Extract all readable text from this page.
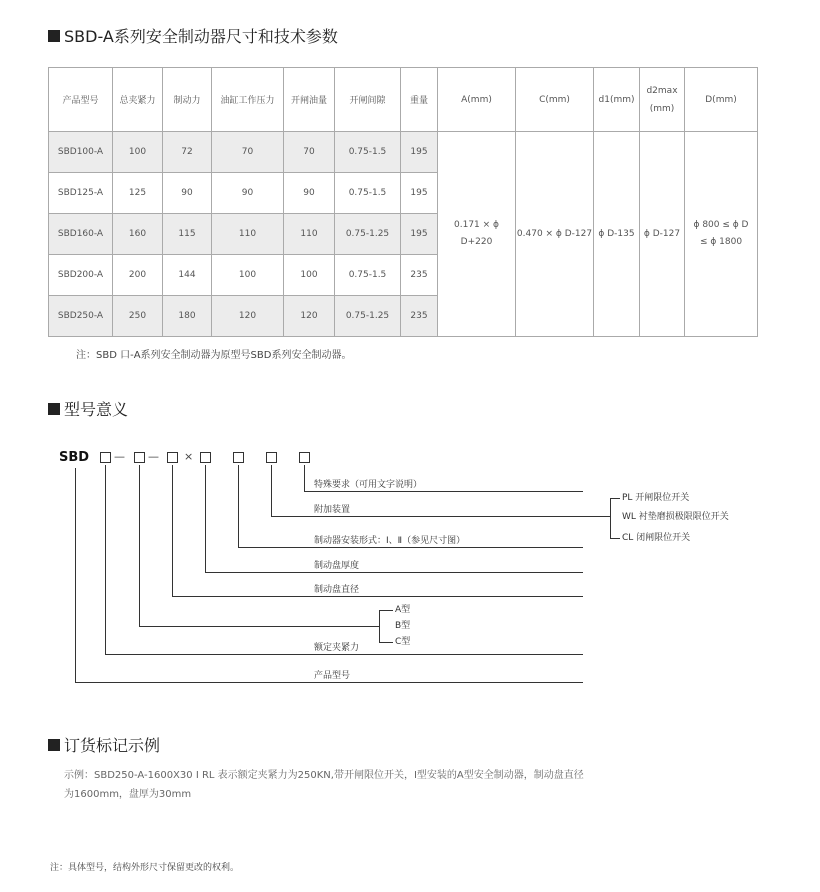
SBD-A系列安全制动器尺寸和技术参数
产品型号	总夹紧力	制动力	油缸工作压力	开闸油量	开闸间隙	重量	A(mm)	C(mm)	d1(mm)	d2max
(mm)	D(mm)
SBD100-A	100	72	70	70	0.75-1.5	195	0.171 × ϕ D+220	0.470 × ϕ D-127	ϕ D-135	ϕ D-127	ϕ 800 ≤ ϕ D
≤ ϕ 1800

SBD125-A	125	90	90	90	0.75-1.5	195					
SBD160-A	160	115	110	110	0.75-1.25	195					
SBD200-A	200	144	100	100	0.75-1.5	235					
SBD250-A	250	180	120	120	0.75-1.25	235					
注：SBD 口-A系列安全制动器为原型号SBD系列安全制动器。
型号意义
SBD — — ×
特殊要求（可用文字说明）
附加装置
制动器安装形式：Ⅰ、Ⅱ（参见尺寸图）
制动盘厚度
制动盘直径
额定夹紧力
产品型号
A型
B型
C型
PL 开闸限位开关
WL 衬垫磨损极限限位开关
CL 闭闸限位开关
订货标记示例
示例：SBD250-A-1600X30 Ⅰ RL 表示额定夹紧力为250KN,带开闸限位开关，Ⅰ型安装的A型安全制动器，制动盘直径
为1600mm，盘厚为30mm
注：具体型号，结构外形尺寸保留更改的权利。
